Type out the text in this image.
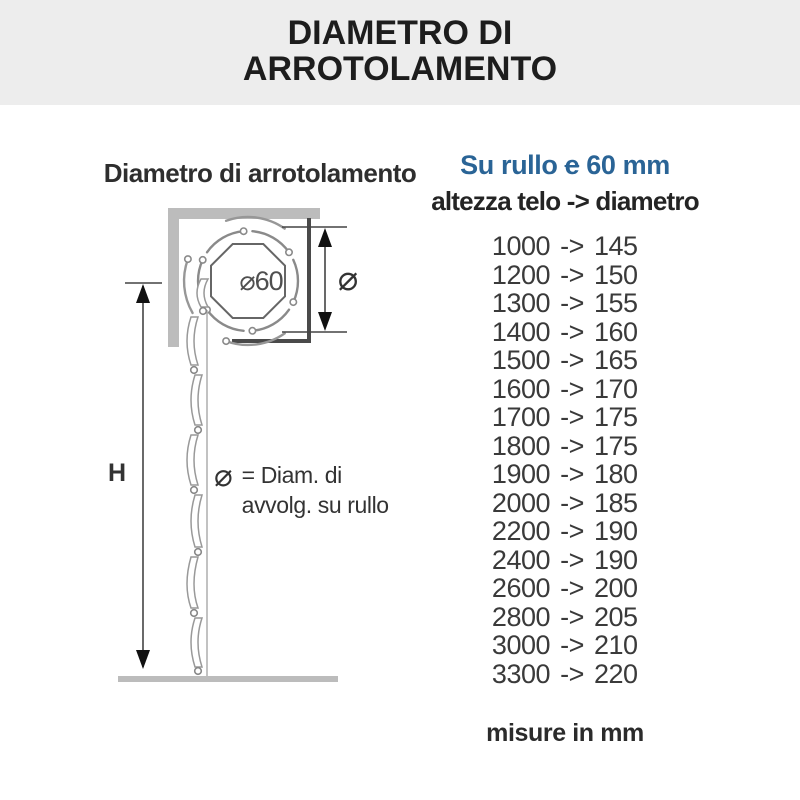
DIAMETRO DI
ARROTOLAMENTO
Diametro di arrotolamento
⌀60	⌀
H	⌀ = Diam. di
avvolg. su rullo
Su rullo e 60 mm
altezza telo -> diametro
1000 -> 145
1200 -> 150
1300 -> 155
1400 -> 160
1500 -> 165
1600 -> 170
1700 -> 175
1800 -> 175
1900 -> 180
2000 -> 185
2200 -> 190
2400 -> 190
2600 -> 200
2800 -> 205
3000 -> 210
3300 -> 220
misure in mm
